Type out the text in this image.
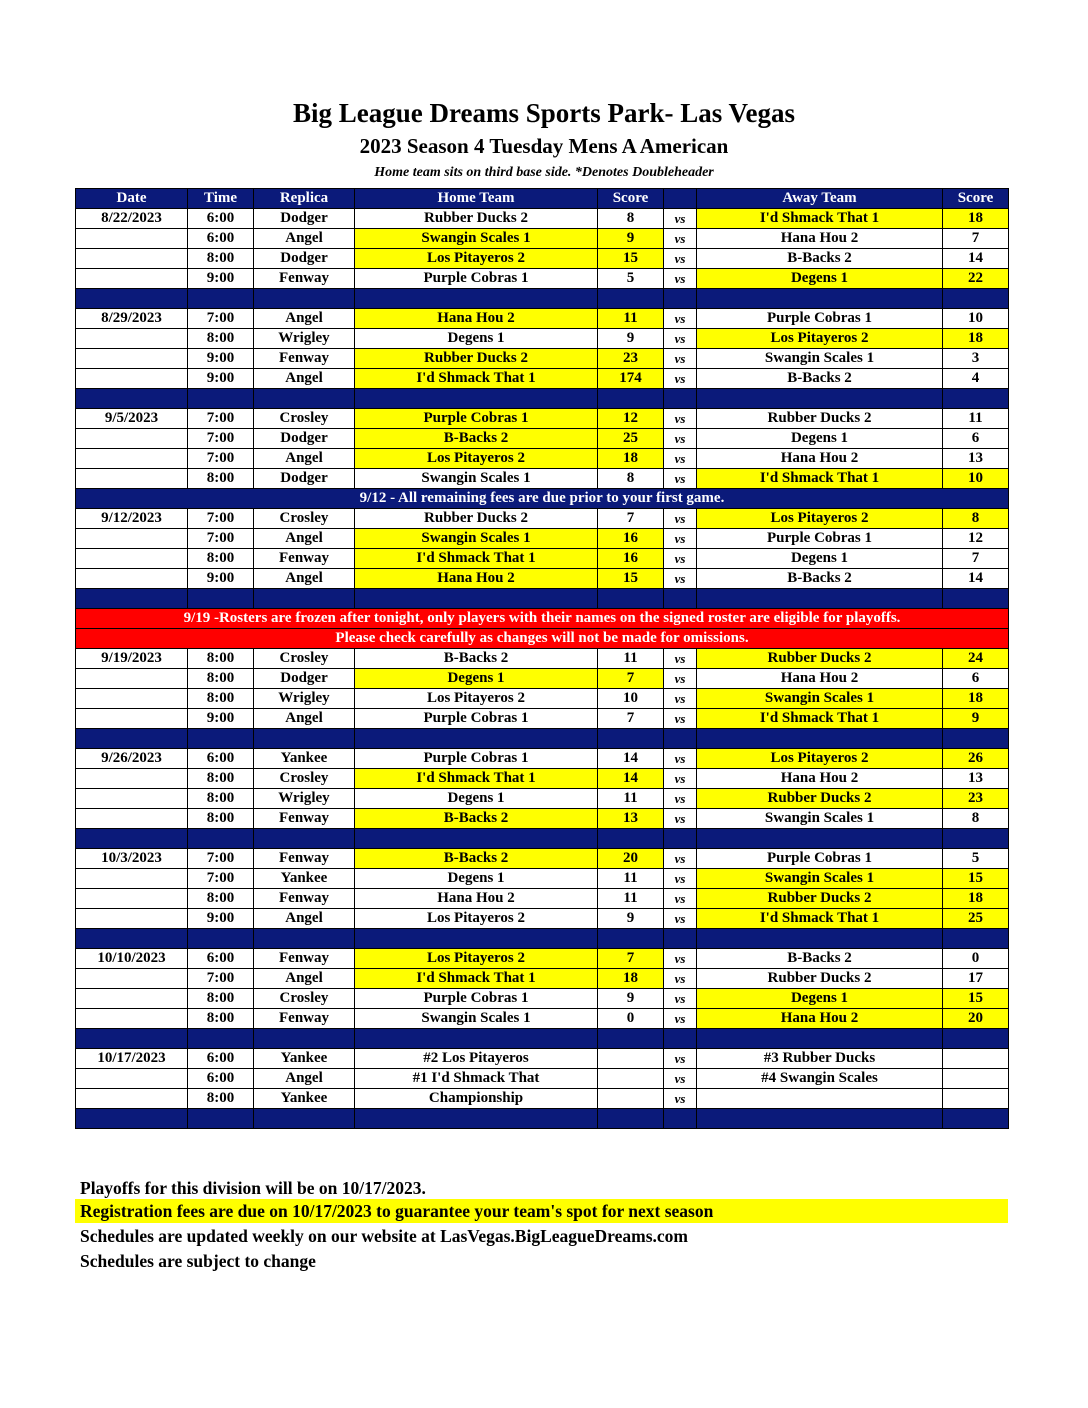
Big League Dreams Sports Park- Las Vegas
2023 Season 4 Tuesday Mens A American
Home team sits on third base side. *Denotes Doubleheader
Date	Time	Replica	Home Team	Score		Away Team	Score
8/22/2023	6:00	Dodger	Rubber Ducks 2	8	vs	I'd Shmack That 1	18
	6:00	Angel	Swangin Scales 1	9	vs	Hana Hou 2	7
	8:00	Dodger	Los Pitayeros 2	15	vs	B-Backs 2	14
	9:00	Fenway	Purple Cobras 1	5	vs	Degens 1	22

8/29/2023	7:00	Angel	Hana Hou 2	11	vs	Purple Cobras 1	10
	8:00	Wrigley	Degens 1	9	vs	Los Pitayeros 2	18
	9:00	Fenway	Rubber Ducks 2	23	vs	Swangin Scales 1	3
	9:00	Angel	I'd Shmack That 1	174	vs	B-Backs 2	4

9/5/2023	7:00	Crosley	Purple Cobras 1	12	vs	Rubber Ducks 2	11
	7:00	Dodger	B-Backs 2	25	vs	Degens 1	6
	7:00	Angel	Los Pitayeros 2	18	vs	Hana Hou 2	13
	8:00	Dodger	Swangin Scales 1	8	vs	I'd Shmack That 1	10
9/12 - All remaining fees are due prior to your first game.							
9/12/2023	7:00	Crosley	Rubber Ducks 2	7	vs	Los Pitayeros 2	8
	7:00	Angel	Swangin Scales 1	16	vs	Purple Cobras 1	12
	8:00	Fenway	I'd Shmack That 1	16	vs	Degens 1	7
	9:00	Angel	Hana Hou 2	15	vs	B-Backs 2	14

9/19 -Rosters are frozen after tonight, only players with their names on the signed roster are eligible for playoffs.							
Please check carefully as changes will not be made for omissions.							
9/19/2023	8:00	Crosley	B-Backs 2	11	vs	Rubber Ducks 2	24
	8:00	Dodger	Degens 1	7	vs	Hana Hou 2	6
	8:00	Wrigley	Los Pitayeros 2	10	vs	Swangin Scales 1	18
	9:00	Angel	Purple Cobras 1	7	vs	I'd Shmack That 1	9

9/26/2023	6:00	Yankee	Purple Cobras 1	14	vs	Los Pitayeros 2	26
	8:00	Crosley	I'd Shmack That 1	14	vs	Hana Hou 2	13
	8:00	Wrigley	Degens 1	11	vs	Rubber Ducks 2	23
	8:00	Fenway	B-Backs 2	13	vs	Swangin Scales 1	8

10/3/2023	7:00	Fenway	B-Backs 2	20	vs	Purple Cobras 1	5
	7:00	Yankee	Degens 1	11	vs	Swangin Scales 1	15
	8:00	Fenway	Hana Hou 2	11	vs	Rubber Ducks 2	18
	9:00	Angel	Los Pitayeros 2	9	vs	I'd Shmack That 1	25

10/10/2023	6:00	Fenway	Los Pitayeros 2	7	vs	B-Backs 2	0
	7:00	Angel	I'd Shmack That 1	18	vs	Rubber Ducks 2	17
	8:00	Crosley	Purple Cobras 1	9	vs	Degens 1	15
	8:00	Fenway	Swangin Scales 1	0	vs	Hana Hou 2	20

10/17/2023	6:00	Yankee	#2 Los Pitayeros		vs	#3 Rubber Ducks	
	6:00	Angel	#1 I'd Shmack That		vs	#4 Swangin Scales	
	8:00	Yankee	Championship		vs		

Playoffs for this division will be on 10/17/2023.
Registration fees are due on 10/17/2023 to guarantee your team's spot for next season
Schedules are updated weekly on our website at LasVegas.BigLeagueDreams.com
Schedules are subject to change
